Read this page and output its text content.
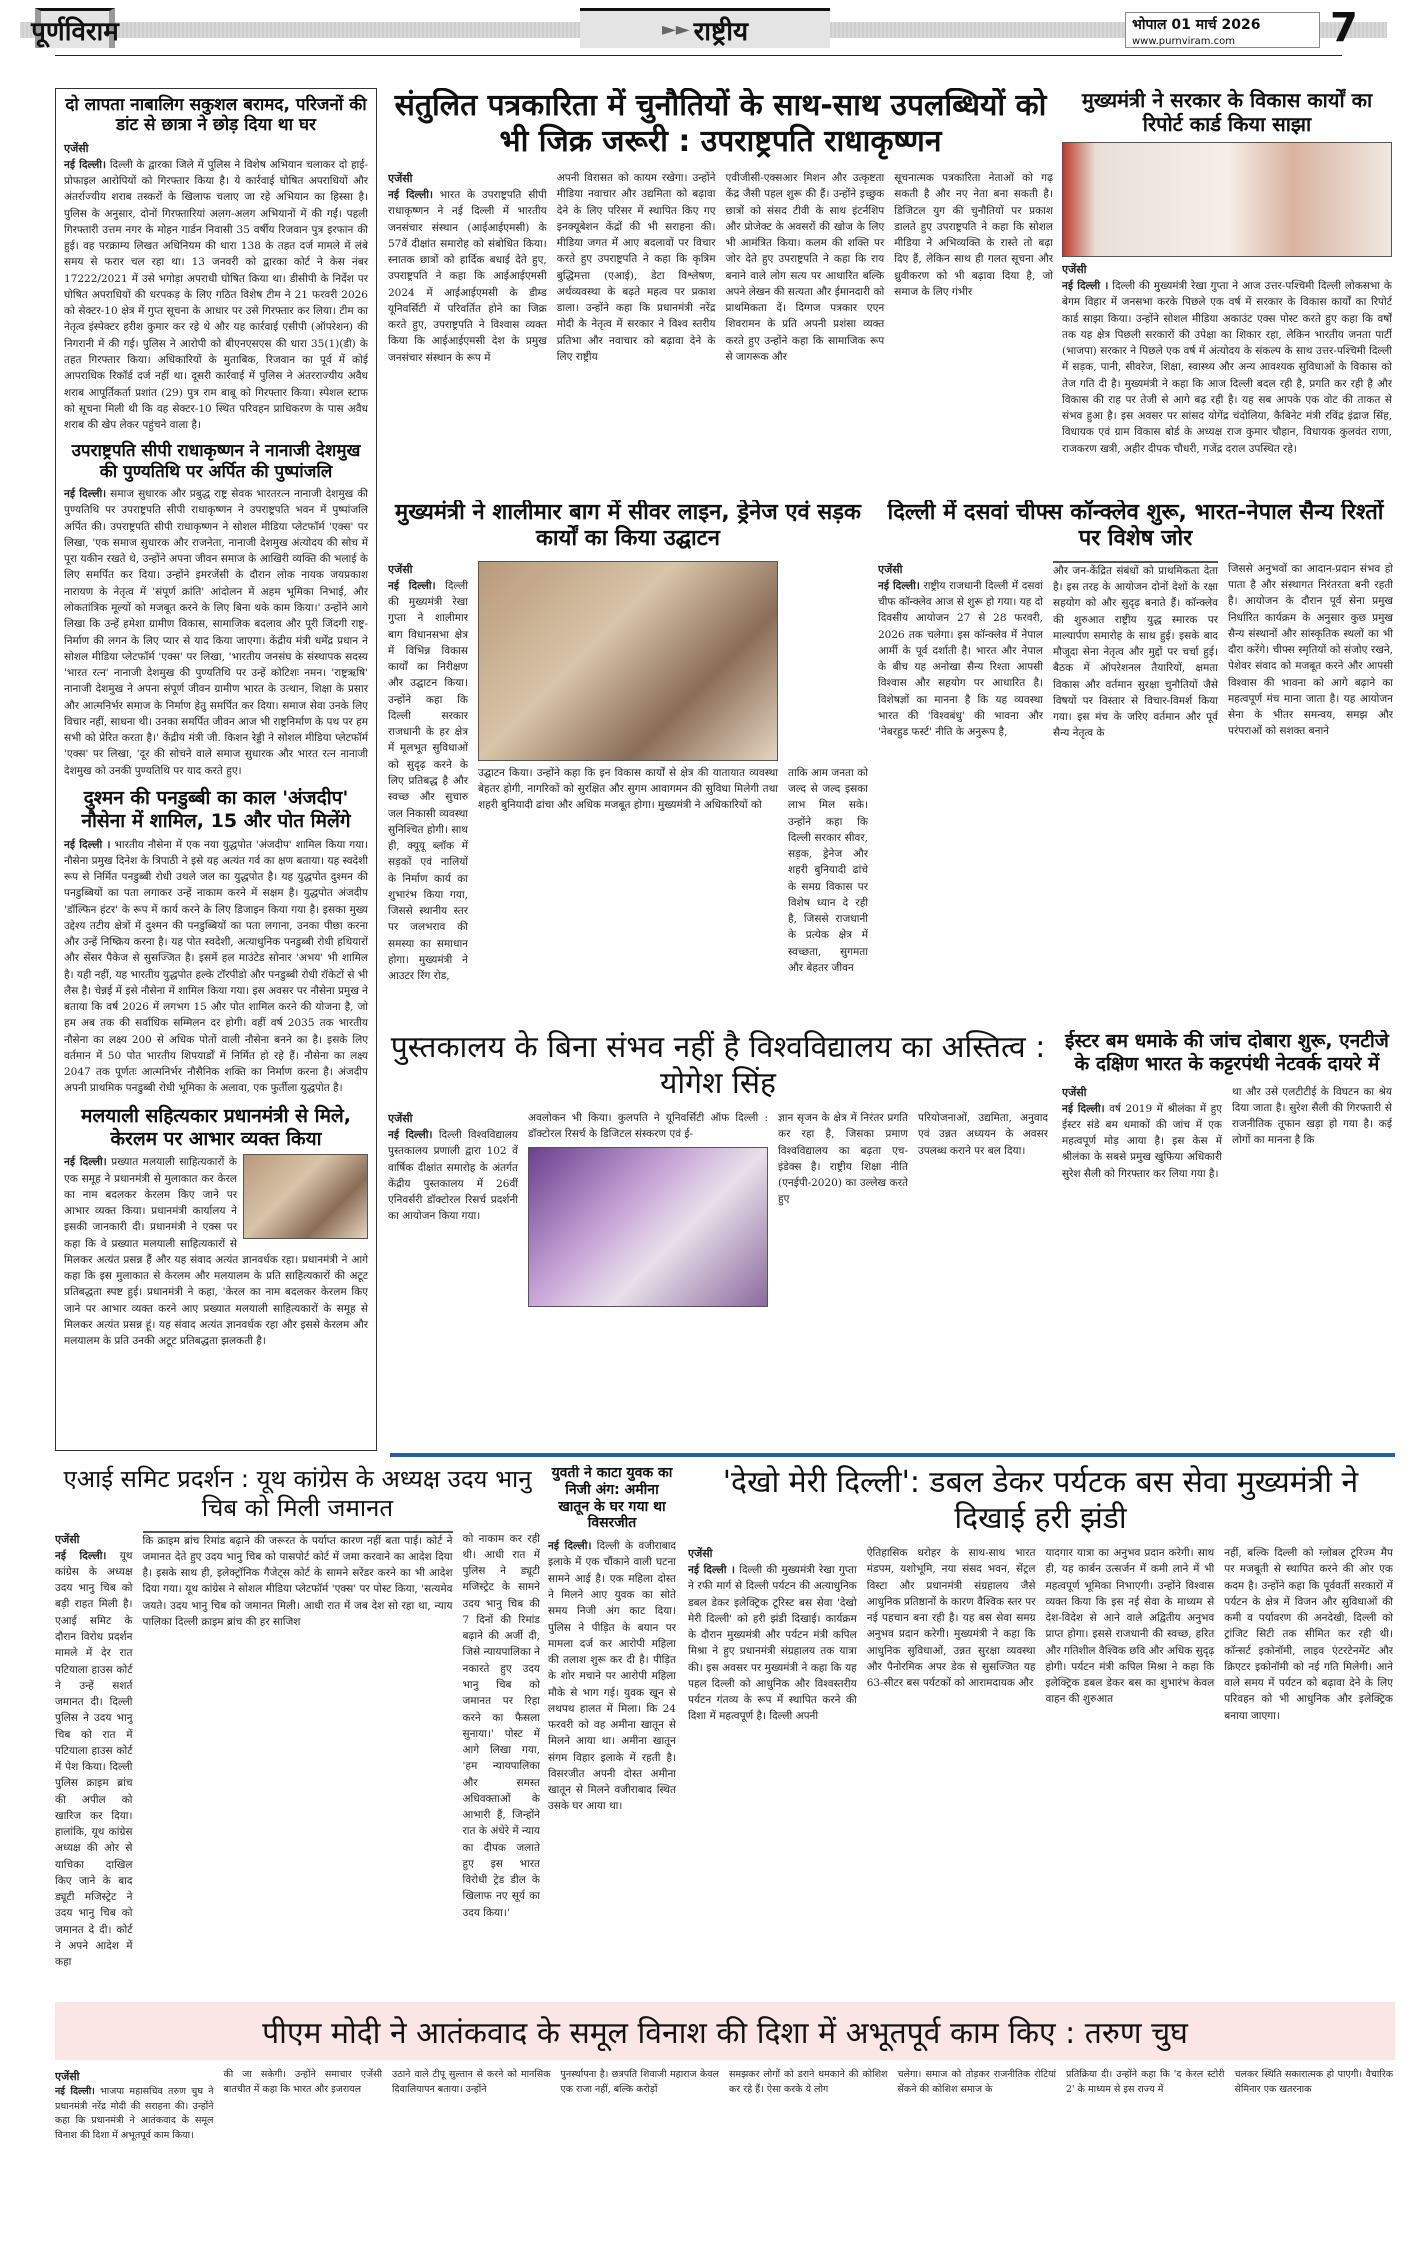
पूर्णविराम	►► राष्ट्रीय	भोपाल 01 मार्च 2026
www.purnviram.com	7
दो लापता नाबालिग सकुशल बरामद, परिजनों की डांट से छात्रा ने छोड़ दिया था घर
एजेंसी
नई दिल्ली। दिल्ली के द्वारका जिले में पुलिस ने विशेष अभियान चलाकर दो हाई-प्रोफाइल आरोपियों को गिरफ्तार किया है। ये कार्रवाई घोषित अपराधियों और अंतर्राज्यीय शराब तस्करों के खिलाफ चलाए जा रहे अभियान का हिस्सा है। पुलिस के अनुसार, दोनों गिरफ्तारियां अलग-अलग अभियानों में की गईं। पहली गिरफ्तारी उत्तम नगर के मोहन गार्डन निवासी 35 वर्षीय रिजवान पुत्र इरफान की हुई। वह परक्राम्य लिखत अधिनियम की धारा 138 के तहत दर्ज मामले में लंबे समय से फरार चल रहा था। 13 जनवरी को द्वारका कोर्ट ने केस नंबर 17222/2021 में उसे भगोड़ा अपराधी घोषित किया था। डीसीपी के निर्देश पर घोषित अपराधियों की धरपकड़ के लिए गठित विशेष टीम ने 21 फरवरी 2026 को सेक्टर-10 क्षेत्र में गुप्त सूचना के आधार पर उसे गिरफ्तार कर लिया। टीम का नेतृत्व इंस्पेक्टर हरीश कुमार कर रहे थे और यह कार्रवाई एसीपी (ऑपरेशन) की निगरानी में की गई। पुलिस ने आरोपी को बीएनएसएस की धारा 35(1)(डी) के तहत गिरफ्तार किया। अधिकारियों के मुताबिक, रिजवान का पूर्व में कोई आपराधिक रिकॉर्ड दर्ज नहीं था। दूसरी कार्रवाई में पुलिस ने अंतरराज्यीय अवैध शराब आपूर्तिकर्ता प्रशांत (29) पुत्र राम बाबू को गिरफ्तार किया। स्पेशल स्टाफ को सूचना मिली थी कि वह सेक्टर-10 स्थित परिवहन प्राधिकरण के पास अवैध शराब की खेप लेकर पहुंचने वाला है।
उपराष्ट्रपति सीपी राधाकृष्णन ने नानाजी देशमुख की पुण्यतिथि पर अर्पित की पुष्पांजलि
नई दिल्ली। समाज सुधारक और प्रबुद्ध राष्ट्र सेवक भारतरत्न नानाजी देशमुख की पुण्यतिथि पर उपराष्ट्रपति सीपी राधाकृष्णन ने उपराष्ट्रपति भवन में पुष्पांजलि अर्पित की। उपराष्ट्रपति सीपी राधाकृष्णन ने सोशल मीडिया प्लेटफॉर्म 'एक्स' पर लिखा, 'एक समाज सुधारक और राजनेता, नानाजी देशमुख अंत्योदय की सोच में पूरा यकीन रखते थे, उन्होंने अपना जीवन समाज के आखिरी व्यक्ति की भलाई के लिए समर्पित कर दिया। उन्होंने इमरजेंसी के दौरान लोक नायक जयप्रकाश नारायण के नेतृत्व में 'संपूर्ण क्रांति' आंदोलन में अहम भूमिका निभाई, और लोकतांत्रिक मूल्यों को मजबूत करने के लिए बिना थके काम किया।' उन्होंने आगे लिखा कि उन्हें हमेशा ग्रामीण विकास, सामाजिक बदलाव और पूरी जिंदगी राष्ट्र-निर्माण की लगन के लिए प्यार से याद किया जाएगा। केंद्रीय मंत्री धर्मेंद्र प्रधान ने सोशल मीडिया प्लेटफॉर्म 'एक्स' पर लिखा, 'भारतीय जनसंघ के संस्थापक सदस्य 'भारत रत्न' नानाजी देशमुख की पुण्यतिथि पर उन्हें कोटिशः नमन। 'राष्ट्रऋषि' नानाजी देशमुख ने अपना संपूर्ण जीवन ग्रामीण भारत के उत्थान, शिक्षा के प्रसार और आत्मनिर्भर समाज के निर्माण हेतु समर्पित कर दिया। समाज सेवा उनके लिए विचार नहीं, साधना थी। उनका समर्पित जीवन आज भी राष्ट्रनिर्माण के पथ पर हम सभी को प्रेरित करता है।' केंद्रीय मंत्री जी. किशन रेड्डी ने सोशल मीडिया प्लेटफॉर्म 'एक्स' पर लिखा, 'दूर की सोचने वाले समाज सुधारक और भारत रत्न नानाजी देशमुख को उनकी पुण्यतिथि पर याद करते हुए।
दुश्मन की पनडुब्बी का काल 'अंजदीप' नौसेना में शामिल, 15 और पोत मिलेंगे
नई दिल्ली । भारतीय नौसेना में एक नया युद्धपोत 'अंजदीप' शामिल किया गया। नौसेना प्रमुख दिनेश के त्रिपाठी ने इसे यह अत्यंत गर्व का क्षण बताया। यह स्वदेशी रूप से निर्मित पनडुब्बी रोधी उथले जल का युद्धपोत है। यह युद्धपोत दुश्मन की पनडुब्बियों का पता लगाकर उन्हें नाकाम करने में सक्षम है। युद्धपोत अंजदीप 'डॉल्फिन हंटर' के रूप में कार्य करने के लिए डिजाइन किया गया है। इसका मुख्य उद्देश्य तटीय क्षेत्रों में दुश्मन की पनडुब्बियों का पता लगाना, उनका पीछा करना और उन्हें निष्क्रिय करना है। यह पोत स्वदेशी, अत्याधुनिक पनडुब्बी रोधी हथियारों और सेंसर पैकेज से सुसज्जित है। इसमें हल माउंटेड सोनार 'अभय' भी शामिल है। यही नहीं, यह भारतीय युद्धपोत हल्के टॉरपीडो और पनडुब्बी रोधी रॉकेटों से भी लैस है। चेन्नई में इसे नौसेना में शामिल किया गया। इस अवसर पर नौसेना प्रमुख ने बताया कि वर्ष 2026 में लगभग 15 और पोत शामिल करने की योजना है, जो हम अब तक की सर्वाधिक सम्मिलन दर होगी। वहीं वर्ष 2035 तक भारतीय नौसेना का लक्ष्य 200 से अधिक पोतों वाली नौसेना बनने का है। इसके लिए वर्तमान में 50 पोत भारतीय शिपयार्डों में निर्मित हो रहे हैं। नौसेना का लक्ष्य 2047 तक पूर्णतः आत्मनिर्भर नौसैनिक शक्ति का निर्माण करना है। अंजदीप अपनी प्राथमिक पनडुब्बी रोधी भूमिका के अलावा, एक फुर्तीला युद्धपोत है।
मलयाली सहित्यकार प्रधानमंत्री से मिले, केरलम पर आभार व्यक्त किया
नई दिल्ली। प्रख्यात मलयाली साहित्यकारों के एक समूह ने प्रधानमंत्री से मुलाकात कर केरल का नाम बदलकर केरलम किए जाने पर आभार व्यक्त किया। प्रधानमंत्री कार्यालय ने इसकी जानकारी दी। प्रधानमंत्री ने एक्स पर कहा कि वे प्रख्यात मलयाली साहित्यकारों से मिलकर अत्यंत प्रसन्न हैं और यह संवाद अत्यंत ज्ञानवर्धक रहा। प्रधानमंत्री ने आगे कहा कि इस मुलाकात से केरलम और मलयालम के प्रति साहित्यकारों की अटूट प्रतिबद्धता स्पष्ट हुई। प्रधानमंत्री ने कहा, 'केरल का नाम बदलकर केरलम किए जाने पर आभार व्यक्त करने आए प्रख्यात मलयाली साहित्यकारों के समूह से मिलकर अत्यंत प्रसन्न हूं। यह संवाद अत्यंत ज्ञानवर्धक रहा और इससे केरलम और मलयालम के प्रति उनकी अटूट प्रतिबद्धता झलकती है।
संतुलित पत्रकारिता में चुनौतियों के साथ-साथ उपलब्धियों को भी जिक्र जरूरी : उपराष्ट्रपति राधाकृष्णन
एजेंसी
नई दिल्ली। भारत के उपराष्ट्रपति सीपी राधाकृष्णन ने नई दिल्ली में भारतीय जनसंचार संस्थान (आईआईएमसी) के 57वें दीक्षांत समारोह को संबोधित किया। स्नातक छात्रों को हार्दिक बधाई देते हुए, उपराष्ट्रपति ने कहा कि आईआईएमसी 2024 में आईआईएमसी के डीम्ड यूनिवर्सिटी में परिवर्तित होने का जिक्र करते हुए, उपराष्ट्रपति ने विश्वास व्यक्त किया कि आईआईएमसी देश के प्रमुख जनसंचार संस्थान के रूप में
अपनी विरासत को कायम रखेगा। उन्होंने मीडिया नवाचार और उद्यमिता को बढ़ावा देने के लिए परिसर में स्थापित किए गए इनक्यूबेशन केंद्रों की भी सराहना की। मीडिया जगत में आए बदलावों पर विचार करते हुए उपराष्ट्रपति ने कहा कि कृत्रिम बुद्धिमत्ता (एआई), डेटा विश्लेषण, अर्थव्यवस्था के बढ़ते महत्व पर प्रकाश डाला। उन्होंने कहा कि प्रधानमंत्री नरेंद्र मोदी के नेतृत्व में सरकार ने विश्व स्तरीय प्रतिभा और नवाचार को बढ़ावा देने के लिए राष्ट्रीय
एवीजीसी-एक्सआर मिशन और उत्कृष्टता केंद्र जैसी पहल शुरू की हैं। उन्होंने इच्छुक छात्रों को संसद टीवी के साथ इंटर्नशिप और प्रोजेक्ट के अवसरों की खोज के लिए भी आमंत्रित किया। कलम की शक्ति पर जोर देते हुए उपराष्ट्रपति ने कहा कि राय बनाने वाले लोग सत्य पर आधारित बल्कि अपने लेखन की सत्यता और ईमानदारी को प्राथमिकता दें। दिग्गज पत्रकार एएन शिवरामन के प्रति अपनी प्रशंसा व्यक्त करते हुए उन्होंने कहा कि सामाजिक रूप से जागरूक और
सूचनात्मक पत्रकारिता नेताओं को गढ़ सकती है और नए नेता बना सकती है। डिजिटल युग की चुनौतियों पर प्रकाश डालते हुए उपराष्ट्रपति ने कहा कि सोशल मीडिया ने अभिव्यक्ति के रास्ते तो बढ़ा दिए हैं, लेकिन साथ ही गलत सूचना और ध्रुवीकरण को भी बढ़ावा दिया है, जो समाज के लिए गंभीर
मुख्यमंत्री ने सरकार के विकास कार्यों का रिपोर्ट कार्ड किया साझा
एजेंसी
नई दिल्ली । दिल्ली की मुख्यमंत्री रेखा गुप्ता ने आज उत्तर-पश्चिमी दिल्ली लोकसभा के बेगम विहार में जनसभा करके पिछले एक वर्ष में सरकार के विकास कार्यों का रिपोर्ट कार्ड साझा किया। उन्होंने सोशल मीडिया अकाउंट एक्स पोस्ट करते हुए कहा कि वर्षों तक यह क्षेत्र पिछली सरकारों की उपेक्षा का शिकार रहा, लेकिन भारतीय जनता पार्टी (भाजपा) सरकार ने पिछले एक वर्ष में अंत्योदय के संकल्प के साथ उत्तर-पश्चिमी दिल्ली में सड़क, पानी, सीवरेज, शिक्षा, स्वास्थ्य और अन्य आवश्यक सुविधाओं के विकास को तेज गति दी है। मुख्यमंत्री ने कहा कि आज दिल्ली बदल रही है, प्रगति कर रही है और विकास की राह पर तेजी से आगे बढ़ रही है। यह सब आपके एक वोट की ताकत से संभव हुआ है। इस अवसर पर सांसद योगेंद्र चंदोलिया, कैबिनेट मंत्री रविंद्र इंद्राज सिंह, विधायक एवं ग्राम विकास बोर्ड के अध्यक्ष राज कुमार चौहान, विधायक कुलवंत राणा, राजकरण खत्री, अहीर दीपक चौधरी, गजेंद्र दराल उपस्थित रहे।
मुख्यमंत्री ने शालीमार बाग में सीवर लाइन, ड्रेनेज एवं सड़क कार्यों का किया उद्घाटन
एजेंसी
नई दिल्ली। दिल्ली की मुख्यमंत्री रेखा गुप्ता ने शालीमार बाग विधानसभा क्षेत्र में विभिन्न विकास कार्यों का निरीक्षण और उद्घाटन किया। उन्होंने कहा कि दिल्ली सरकार राजधानी के हर क्षेत्र में मूलभूत सुविधाओं को सुदृढ़ करने के लिए प्रतिबद्ध है और स्वच्छ और सुचारु जल निकासी व्यवस्था सुनिश्चित होगी। साथ ही, क्यूयू ब्लॉक में सड़कों एवं नालियों के निर्माण कार्य का शुभारंभ किया गया, जिससे स्थानीय स्तर पर जलभराव की समस्या का समाधान होगा। मुख्यमंत्री ने आउटर रिंग रोड,
उद्घाटन किया। उन्होंने कहा कि इन विकास कार्यों से क्षेत्र की यातायात व्यवस्था बेहतर होगी, नागरिकों को सुरक्षित और सुगम आवागमन की सुविधा मिलेगी तथा शहरी बुनियादी ढांचा और अधिक मजबूत होगा। मुख्यमंत्री ने अधिकारियों को
ताकि आम जनता को जल्द से जल्द इसका लाभ मिल सके। उन्होंने कहा कि दिल्ली सरकार सीवर, सड़क, ड्रेनेज और शहरी बुनियादी ढांचे के समग्र विकास पर विशेष ध्यान दे रही है, जिससे राजधानी के प्रत्येक क्षेत्र में स्वच्छता, सुगमता और बेहतर जीवन
दिल्ली में दसवां चीफ्स कॉन्क्लेव शुरू, भारत-नेपाल सैन्य रिश्तों पर विशेष जोर
एजेंसी
नई दिल्ली। राष्ट्रीय राजधानी दिल्ली में दसवां चीफ कॉन्क्लेव आज से शुरू हो गया। यह दो दिवसीय आयोजन 27 से 28 फरवरी, 2026 तक चलेगा। इस कॉन्क्लेव में नेपाल आर्मी के पूर्व दर्शाती है। भारत और नेपाल के बीच यह अनोखा सैन्य रिश्ता आपसी विश्वास और सहयोग पर आधारित है। विशेषज्ञों का मानना है कि यह व्यवस्था भारत की 'विश्वबंधु' की भावना और 'नेबरहुड फर्स्ट' नीति के अनुरूप है,
और जन-केंद्रित संबंधों को प्राथमिकता देता है। इस तरह के आयोजन दोनों देशों के रक्षा सहयोग को और सुदृढ़ बनाते हैं। कॉन्क्लेव की शुरुआत राष्ट्रीय युद्ध स्मारक पर माल्यार्पण समारोह के साथ हुई। इसके बाद मौजूदा सेना नेतृत्व और मुद्दों पर चर्चा हुई। बैठक में ऑपरेशनल तैयारियों, क्षमता विकास और वर्तमान सुरक्षा चुनौतियों जैसे विषयों पर विस्तार से विचार-विमर्श किया गया। इस मंच के जरिए वर्तमान और पूर्व सैन्य नेतृत्व के
जिससे अनुभवों का आदान-प्रदान संभव हो पाता है और संस्थागत निरंतरता बनी रहती है। आयोजन के दौरान पूर्व सेना प्रमुख निर्धारित कार्यक्रम के अनुसार कुछ प्रमुख सैन्य संस्थानों और सांस्कृतिक स्थलों का भी दौरा करेंगे। चीफ्स स्मृतियों को संजोए रखने, पेशेवर संवाद को मजबूत करने और आपसी विश्वास की भावना को आगे बढ़ाने का महत्वपूर्ण मंच माना जाता है। यह आयोजन सेना के भीतर समन्वय, समझ और परंपराओं को सशक्त बनाने
पुस्तकालय के बिना संभव नहीं है विश्वविद्यालय का अस्तित्व : योगेश सिंह
एजेंसी
नई दिल्ली। दिल्ली विश्वविद्यालय पुस्तकालय प्रणाली द्वारा 102 वें वार्षिक दीक्षांत समारोह के अंतर्गत केंद्रीय पुस्तकालय में 26वीं एनिवर्सरी डॉक्टोरल रिसर्च प्रदर्शनी का आयोजन किया गया।
अवलोकन भी किया। कुलपति ने यूनिवर्सिटी ऑफ दिल्ली : डॉक्टोरल रिसर्च के डिजिटल संस्करण एवं ई-
ज्ञान सृजन के क्षेत्र में निरंतर प्रगति कर रहा है, जिसका प्रमाण विश्वविद्यालय का बढ़ता एच-इंडेक्स है। राष्ट्रीय शिक्षा नीति (एनईपी-2020) का उल्लेख करते हुए
परियोजनाओं, उद्यमिता, अनुवाद एवं उन्नत अध्ययन के अवसर उपलब्ध कराने पर बल दिया।
ईस्टर बम धमाके की जांच दोबारा शुरू, एनटीजे के दक्षिण भारत के कट्टरपंथी नेटवर्क दायरे में
एजेंसी
नई दिल्ली। वर्ष 2019 में श्रीलंका में हुए ईस्टर संडे बम धमाकों की जांच में एक महत्वपूर्ण मोड़ आया है। इस केस में श्रीलंका के सबसे प्रमुख खुफिया अधिकारी सुरेश सैली को गिरफ्तार कर लिया गया है।
था और उसे एलटीटीई के विघटन का श्रेय दिया जाता है। सुरेश सैली की गिरफ्तारी से राजनीतिक तूफान खड़ा हो गया है। कई लोगों का मानना है कि
एआई समिट प्रदर्शन : यूथ कांग्रेस के अध्यक्ष उदय भानु चिब को मिली जमानत
एजेंसी
नई दिल्ली। यूथ कांग्रेस के अध्यक्ष उदय भानु चिब को बड़ी राहत मिली है। एआई समिट के दौरान विरोध प्रदर्शन मामले में देर रात पटियाला हाउस कोर्ट ने उन्हें सशर्त जमानत दी। दिल्ली पुलिस ने उदय भानु चिब को रात में पटियाला हाउस कोर्ट में पेश किया। दिल्ली पुलिस क्राइम ब्रांच की अपील को खारिज कर दिया। हालांकि, यूथ कांग्रेस अध्यक्ष की ओर से याचिका दाखिल किए जाने के बाद ड्यूटी मजिस्ट्रेट ने उदय भानु चिब को जमानत दे दी। कोर्ट ने अपने आदेश में कहा
कि क्राइम ब्रांच रिमांड बढ़ाने की जरूरत के पर्याप्त कारण नहीं बता पाई। कोर्ट ने जमानत देते हुए उदय भानु चिब को पासपोर्ट कोर्ट में जमा करवाने का आदेश दिया है। इसके साथ ही, इलेक्ट्रॉनिक गैजेट्स कोर्ट के सामने सरेंडर करने का भी आदेश दिया गया। यूथ कांग्रेस ने सोशल मीडिया प्लेटफॉर्म 'एक्स' पर पोस्ट किया, 'सत्यमेव जयते। उदय भानु चिब को जमानत मिली। आधी रात में जब देश सो रहा था, न्याय पालिका दिल्ली क्राइम ब्रांच की हर साजिश
को नाकाम कर रही थी। आधी रात में पुलिस ने ड्यूटी मजिस्ट्रेट के सामने उदय भानु चिब की 7 दिनों की रिमांड बढ़ाने की अर्जी दी, जिसे न्यायपालिका ने नकारते हुए उदय भानु चिब को जमानत पर रिहा करने का फैसला सुनाया।' पोस्ट में आगे लिखा गया, 'हम न्यायपालिका और समस्त अधिवक्ताओं के आभारी हैं, जिन्होंने रात के अंधेरे में न्याय का दीपक जलाते हुए इस भारत विरोधी ट्रेड डील के खिलाफ नए सूर्य का उदय किया।'
युवती ने काटा युवक का निजी अंग: अमीना खातून के घर गया था विसरजीत
नई दिल्ली। दिल्ली के वजीराबाद इलाके में एक चौंकाने वाली घटना सामने आई है। एक महिला दोस्त ने मिलने आए युवक का सोते समय निजी अंग काट दिया। पुलिस ने पीड़ित के बयान पर मामला दर्ज कर आरोपी महिला की तलाश शुरू कर दी है। पीड़ित के शोर मचाने पर आरोपी महिला मौके से भाग गई। युवक खून से लथपथ हालत में मिला। कि 24 फरवरी को वह अमीना खातून से मिलने आया था। अमीना खातून संगम विहार इलाके में रहती है। विसरजीत अपनी दोस्त अमीना खातून से मिलने वजीराबाद स्थित उसके घर आया था।
'देखो मेरी दिल्ली': डबल डेकर पर्यटक बस सेवा मुख्यमंत्री ने दिखाई हरी झंडी
एजेंसी
नई दिल्ली । दिल्ली की मुख्यमंत्री रेखा गुप्ता ने रफी मार्ग से दिल्ली पर्यटन की अत्याधुनिक डबल डेकर इलेक्ट्रिक टूरिस्ट बस सेवा 'देखो मेरी दिल्ली' को हरी झंडी दिखाई। कार्यक्रम के दौरान मुख्यमंत्री और पर्यटन मंत्री कपिल मिश्रा ने हुए प्रधानमंत्री संग्रहालय तक यात्रा की। इस अवसर पर मुख्यमंत्री ने कहा कि यह पहल दिल्ली को आधुनिक और विश्वस्तरीय पर्यटन गंतव्य के रूप में स्थापित करने की दिशा में महत्वपूर्ण है। दिल्ली अपनी
ऐतिहासिक धरोहर के साथ-साथ भारत मंडपम, यशोभूमि, नया संसद भवन, सेंट्रल विस्टा और प्रधानमंत्री संग्रहालय जैसे आधुनिक प्रतिष्ठानों के कारण वैश्विक स्तर पर नई पहचान बना रही है। यह बस सेवा समग्र अनुभव प्रदान करेगी। मुख्यमंत्री ने कहा कि आधुनिक सुविधाओं, उन्नत सुरक्षा व्यवस्था और पैनोरमिक अपर डेक से सुसज्जित यह 63-सीटर बस पर्यटकों को आरामदायक और
यादगार यात्रा का अनुभव प्रदान करेगी। साथ ही, यह कार्बन उत्सर्जन में कमी लाने में भी महत्वपूर्ण भूमिका निभाएगी। उन्होंने विश्वास व्यक्त किया कि इस नई सेवा के माध्यम से देश-विदेश से आने वाले अद्वितीय अनुभव प्राप्त होगा। इससे राजधानी की स्वच्छ, हरित और गतिशील वैश्विक छवि और अधिक सुदृढ़ होगी। पर्यटन मंत्री कपिल मिश्रा ने कहा कि इलेक्ट्रिक डबल डेकर बस का शुभारंभ केवल वाहन की शुरुआत
नहीं, बल्कि दिल्ली को ग्लोबल टूरिज्म मैप पर मजबूती से स्थापित करने की ओर एक कदम है। उन्होंने कहा कि पूर्ववर्ती सरकारों में पर्यटन के क्षेत्र में विजन और सुविधाओं की कमी व पर्यावरण की अनदेखी, दिल्ली को ट्रांजिट सिटी तक सीमित कर रही थी। कॉन्सर्ट इकोनॉमी, लाइव एंटरटेनमेंट और क्रिएटर इकोनॉमी को नई गति मिलेगी। आने वाले समय में पर्यटन को बढ़ावा देने के लिए परिवहन को भी आधुनिक और इलेक्ट्रिक बनाया जाएगा।
पीएम मोदी ने आतंकवाद के समूल विनाश की दिशा में अभूतपूर्व काम किए : तरुण चुघ
एजेंसी
नई दिल्ली। भाजपा महासचिव तरुण चुघ ने प्रधानमंत्री नरेंद्र मोदी की सराहना की। उन्होंने कहा कि प्रधानमंत्री ने आतंकवाद के समूल विनाश की दिशा में अभूतपूर्व काम किया।
की जा सकेगी। उन्होंने समाचार एजेंसी बातचीत में कहा कि भारत और इजरायल
उठाने वाले टीपू सुल्तान से करने को मानसिक दिवालियापन बताया। उन्होंने
पुनर्स्थापना है। छत्रपति शिवाजी महाराज केवल एक राजा नहीं, बल्कि करोड़ों
समझकर लोगों को डराने धमकाने की कोशिश कर रहे हैं। ऐसा करके ये लोग
चलेगा। समाज को तोड़कर राजनीतिक रोटियां सेंकने की कोशिश समाज के
प्रतिक्रिया दी। उन्होंने कहा कि 'द केरल स्टोरी 2' के माध्यम से इस राज्य में
चलकर स्थिति सकारात्मक हो पाएगी। वैचारिक सेमिनार एक खतरनाक
